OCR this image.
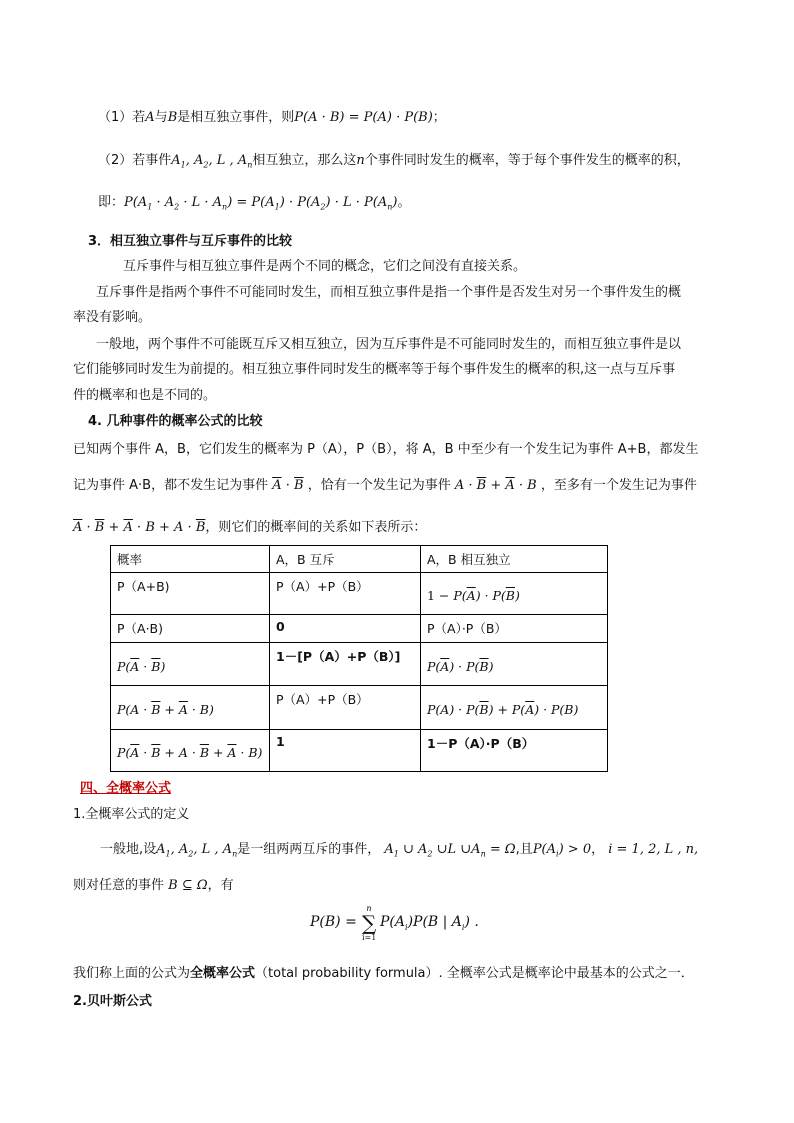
（1）若A与B是相互独立事件，则P(A · B) = P(A) · P(B)；
（2）若事件$A_1$, $A_2$, L , $A_n$相互独立，那么这n个事件同时发生的概率，等于每个事件发生的概率的积，
即：$P(A_1 \cdot A_2 \cdot L \cdot A_n) = P(A_1) \cdot P(A_2) \cdot L \cdot P(A_n)$。
3．相互独立事件与互斥事件的比较
互斥事件与相互独立事件是两个不同的概念，它们之间没有直接关系。
互斥事件是指两个事件不可能同时发生，而相互独立事件是指一个事件是否发生对另一个事件发生的概
率没有影响。
一般地，两个事件不可能既互斥又相互独立，因为互斥事件是不可能同时发生的，而相互独立事件是以
它们能够同时发生为前提的。相互独立事件同时发生的概率等于每个事件发生的概率的积,这一点与互斥事
件的概率和也是不同的。
4. 几种事件的概率公式的比较
已知两个事件 A，B，它们发生的概率为 P（A），P（B），将 A，B 中至少有一个发生记为事件 A+B，都发生
记为事件 A·B，都不发生记为事件 $\overline{A} \cdot \overline{B}$ ，恰有一个发生记为事件 $A \cdot \overline{B} + \overline{A} \cdot B$ ，至多有一个发生记为事件
$\overline{A} \cdot \overline{B} + \overline{A} \cdot B + A \cdot \overline{B}$，则它们的概率间的关系如下表所示：
概率	A，B 互斥	A，B 相互独立
P（A+B)	P（A）+P（B）	$1 - P(\overline{A}) \cdot P(\overline{B})$
P（A·B)	0	P（A）·P（B）
$P(\overline{A} \cdot \overline{B})$	1－[P（A）+P（B）]	$P(\overline{A}) \cdot P(\overline{B})$
$P(A \cdot \overline{B} + \overline{A} \cdot B)$	P（A）+P（B）	$P(A) \cdot P(\overline{B}) + P(\overline{A}) \cdot P(B)$
$P(\overline{A} \cdot \overline{B} + A \cdot \overline{B} + \overline{A} \cdot B)$	1	1－P（A）·P（B）
四、全概率公式
1.全概率公式的定义
一般地,设$A_1$, $A_2$, L , $A_n$是一组两两互斥的事件， $A_1$ ∪ $A_2$ ∪L $\cup A_n = \Omega$,且$P(A_i) > 0$， i = 1, 2, L , n,
则对任意的事件 B ⊆ Ω，有
P(B) =
n
∑
i=1
$P(A_i)P(B$ | $A_i$) .
我们称上面的公式为全概率公式（total probability formula）. 全概率公式是概率论中最基本的公式之一．
2.贝叶斯公式
